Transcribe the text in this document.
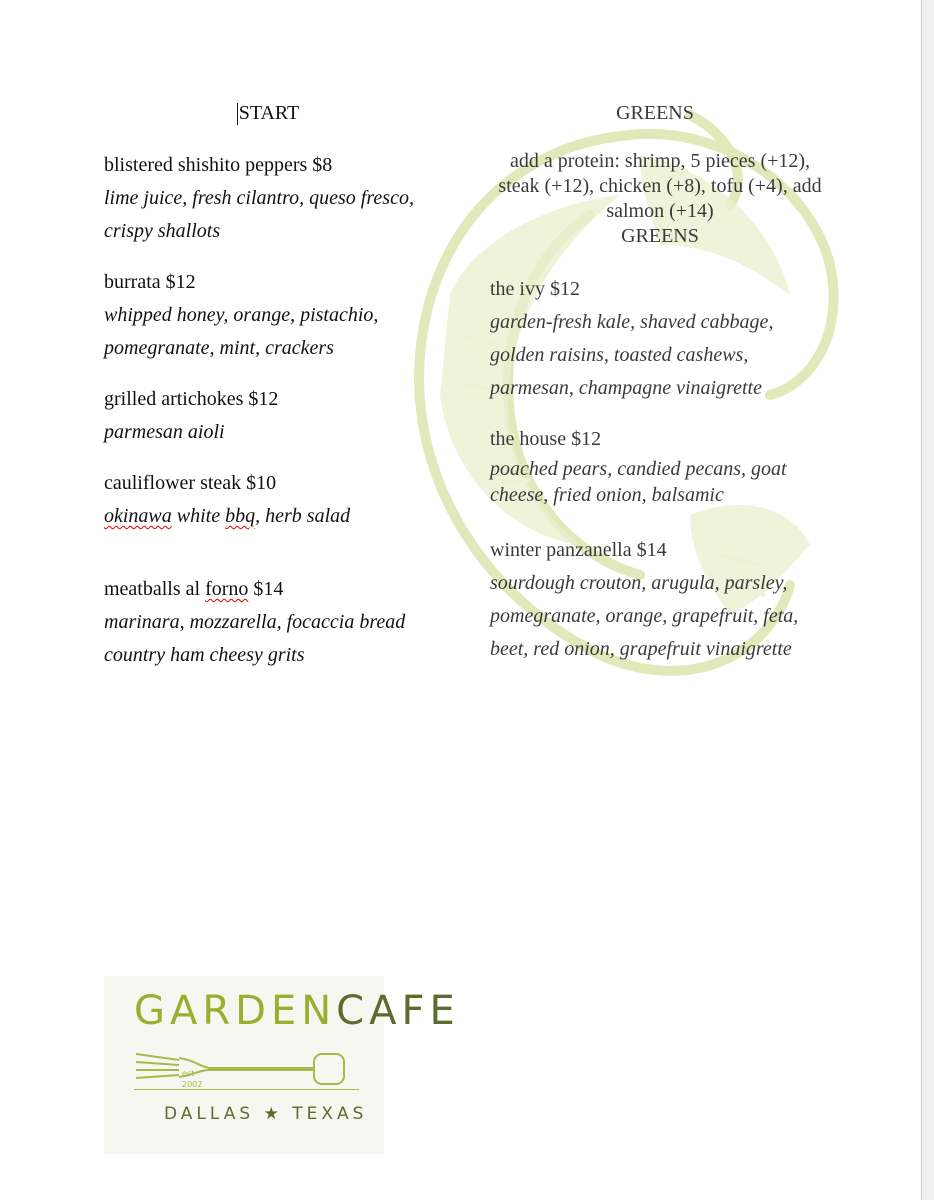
START
blistered shishito peppers $8
lime juice, fresh cilantro, queso fresco, crispy shallots
burrata $12
whipped honey, orange, pistachio, pomegranate, mint, crackers
grilled artichokes $12
parmesan aioli
cauliflower steak $10
okinawa white bbq, herb salad
meatballs al forno $14
marinara, mozzarella, focaccia bread country ham cheesy grits
GREENS

add a protein: shrimp, 5 pieces (+12), steak (+12), chicken (+8), tofu (+4), add salmon (+14)

GREENS

the ivy $12
garden-fresh kale, shaved cabbage, golden raisins, toasted cashews, parmesan, champagne vinaigrette
the house $12
poached pears, candied pecans, goat cheese, fried onion, balsamic
winter panzanella $14
sourdough crouton, arugula, parsley, pomegranate, orange, grapefruit, feta, beet, red onion, grapefruit vinaigrette
GARDENCAFE
est
2002
DALLAS ★ TEXAS
